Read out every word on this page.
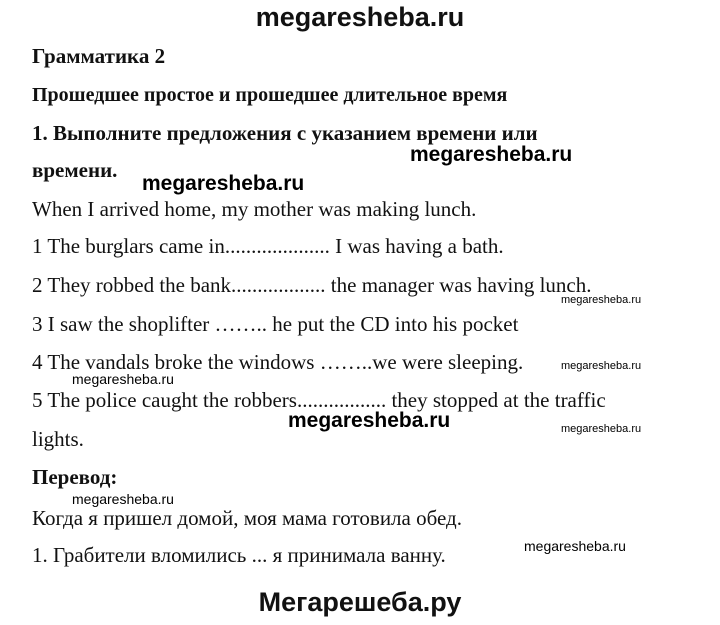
megaresheba.ru
Грамматика 2
Прошедшее простое и прошедшее длительное время
1. Выполните предложения с указанием времени или
времени.
When I arrived home, my mother was making lunch.
1 The burglars came in.................... I was having a bath.
2 They robbed the bank.................. the manager was having lunch.
3 I saw the shoplifter …….. he put the CD into his pocket
4 The vandals broke the windows ……..we were sleeping.
5 The police caught the robbers................. they stopped at the traffic
lights.
Перевод:
Когда я пришел домой, моя мама готовила обед.
1. Грабители вломились ... я принимала ванну.
megaresheba.ru
megaresheba.ru
megaresheba.ru
megaresheba.ru
megaresheba.ru
megaresheba.ru	megaresheba.ru
megaresheba.ru
megaresheba.ru
Мегарешеба.ру
